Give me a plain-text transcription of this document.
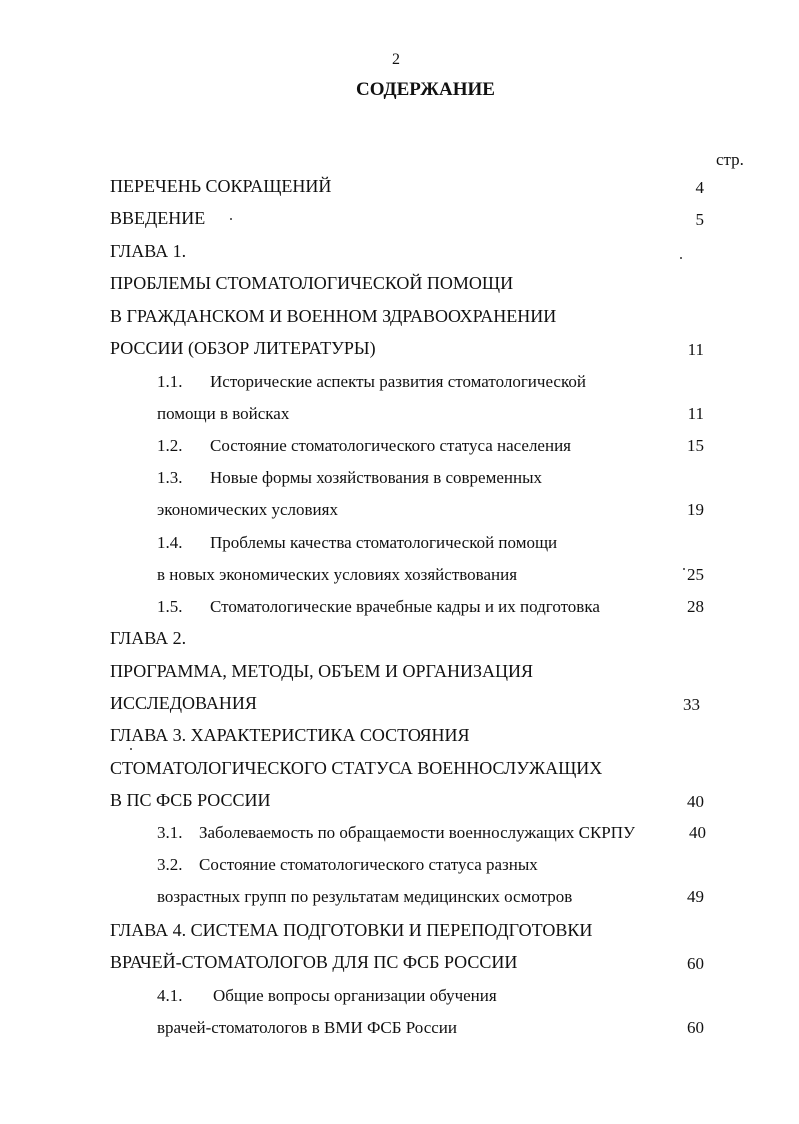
2
СОДЕРЖАНИЕ
стр.
ПЕРЕЧЕНЬ СОКРАЩЕНИЙ	4
ВВЕДЕНИЕ	5
ГЛАВА 1.
ПРОБЛЕМЫ СТОМАТОЛОГИЧЕСКОЙ ПОМОЩИ
В ГРАЖДАНСКОМ И ВОЕННОМ ЗДРАВООХРАНЕНИИ
РОССИИ (ОБЗОР ЛИТЕРАТУРЫ)	11
1.1. Исторические аспекты развития стоматологической
помощи в войсках	11
1.2. Состояние стоматологического статуса населения	15
1.3. Новые формы хозяйствования в современных
экономических условиях	19
1.4. Проблемы качества стоматологической помощи
в новых экономических условиях хозяйствования	25
1.5. Стоматологические врачебные кадры и их подготовка	28
ГЛАВА 2.
ПРОГРАММА, МЕТОДЫ, ОБЪЕМ И ОРГАНИЗАЦИЯ
ИССЛЕДОВАНИЯ	33
ГЛАВА 3. ХАРАКТЕРИСТИКА СОСТОЯНИЯ
СТОМАТОЛОГИЧЕСКОГО СТАТУСА ВОЕННОСЛУЖАЩИХ
В ПС ФСБ РОССИИ	40
3.1. Заболеваемость по обращаемости военнослужащих СКРПУ	40
3.2. Состояние стоматологического статуса разных
возрастных групп по результатам медицинских осмотров	49
ГЛАВА 4. СИСТЕМА ПОДГОТОВКИ И ПЕРЕПОДГОТОВКИ
ВРАЧЕЙ-СТОМАТОЛОГОВ ДЛЯ ПС ФСБ РОССИИ	60
4.1. Общие вопросы организации обучения
врачей-стоматологов в ВМИ ФСБ России	60
